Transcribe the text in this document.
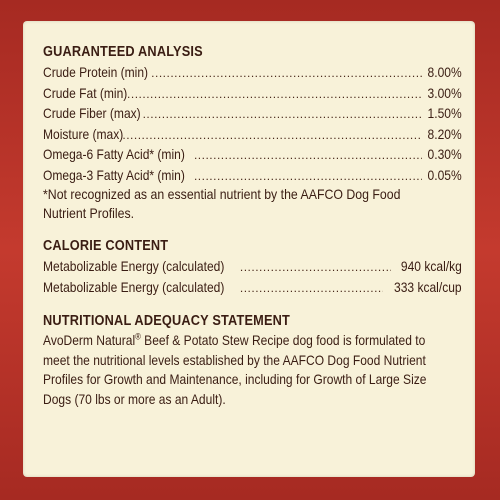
GUARANTEED ANALYSIS
Crude Protein (min) .....	8.00%
Crude Fat (min) .....	3.00%
Crude Fiber (max) .....	1.50%
Moisture (max) .....	8.20%
Omega-6 Fatty Acid* (min) .....	0.30%
Omega-3 Fatty Acid* (min) .....	0.05%
*Not recognized as an essential nutrient by the AAFCO Dog Food Nutrient Profiles.
CALORIE CONTENT
Metabolizable Energy (calculated) .....	940 kcal/kg
Metabolizable Energy (calculated) .....	333 kcal/cup
NUTRITIONAL ADEQUACY STATEMENT
AvoDerm Natural® Beef & Potato Stew Recipe dog food is formulated to meet the nutritional levels established by the AAFCO Dog Food Nutrient Profiles for Growth and Maintenance, including for Growth of Large Size Dogs (70 lbs or more as an Adult).
